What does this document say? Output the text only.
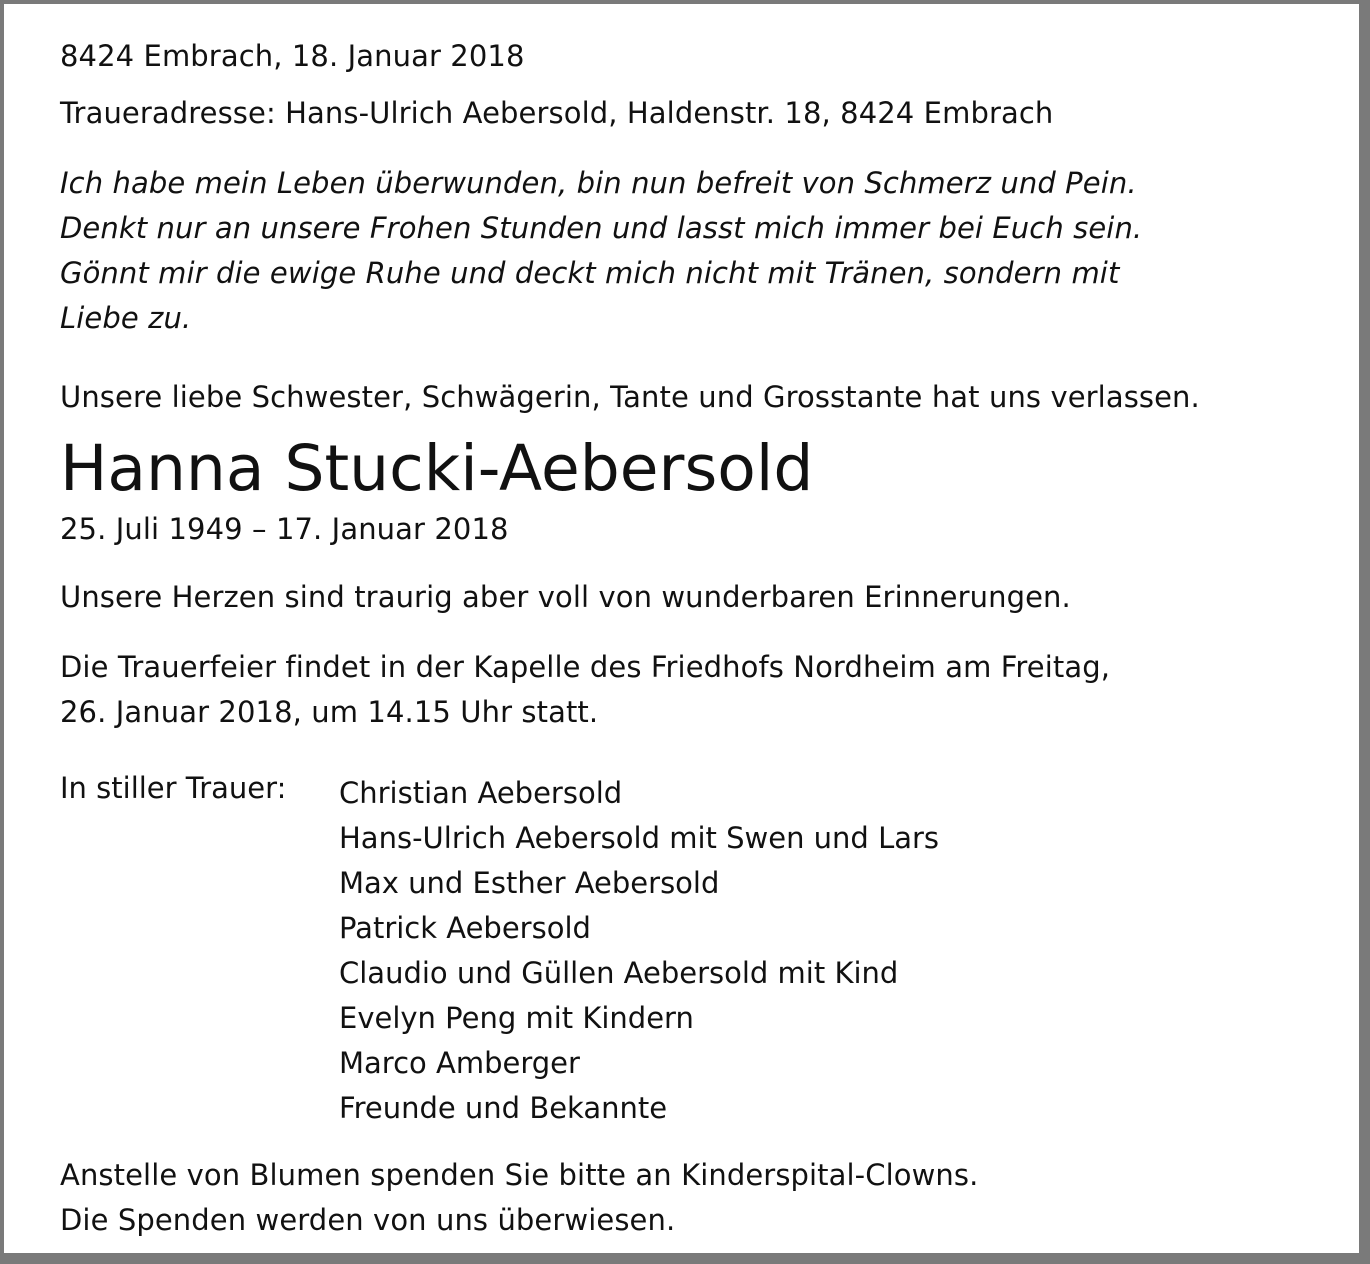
8424 Embrach, 18. Januar 2018
Traueradresse: Hans-Ulrich Aebersold, Haldenstr. 18, 8424 Embrach
Ich habe mein Leben überwunden, bin nun befreit von Schmerz und Pein.
Denkt nur an unsere Frohen Stunden und lasst mich immer bei Euch sein.
Gönnt mir die ewige Ruhe und deckt mich nicht mit Tränen, sondern mit
Liebe zu.
Unsere liebe Schwester, Schwägerin, Tante und Grosstante hat uns verlassen.
Hanna Stucki-Aebersold
25. Juli 1949 – 17. Januar 2018
Unsere Herzen sind traurig aber voll von wunderbaren Erinnerungen.
Die Trauerfeier findet in der Kapelle des Friedhofs Nordheim am Freitag,
26. Januar 2018, um 14.15 Uhr statt.
In stiller Trauer: Christian Aebersold
Hans-Ulrich Aebersold mit Swen und Lars
Max und Esther Aebersold
Patrick Aebersold
Claudio und Güllen Aebersold mit Kind
Evelyn Peng mit Kindern
Marco Amberger
Freunde und Bekannte
Anstelle von Blumen spenden Sie bitte an Kinderspital-Clowns.
Die Spenden werden von uns überwiesen.
